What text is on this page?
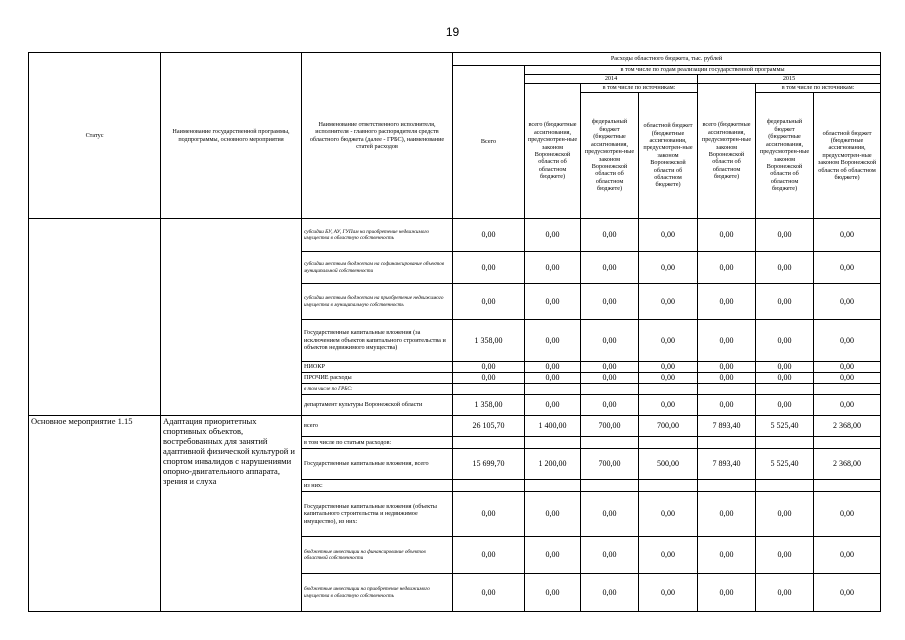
19
Статус	Наименование государственной программы, подпрограммы, основного мероприятия	Наименование ответственного исполнителя, исполнителя - главного распорядителя средств областного бюджета (далее - ГРБС), наименование статей расходов	Расходы областного бюджета, тыс. рублей						
			Всего	в том числе по годам реализации государственной программы					
				2014			2015		
				всего (бюджетные ассигнования, предусмотрен-ные законом Воронежской области об областном бюджете)	в том числе по источникам:		всего (бюджетные ассигнования, предусмотрен-ные законом Воронежской области об областном бюджете)	в том числе по источникам:	
					федеральный бюджет (бюджетные ассигнования, предусмотрен-ные законом Воронежской области об областном бюджете)	областной бюджет (бюджетные ассигнования, предусмотрен-ные законом Воронежской области об областном бюджете)		федеральный бюджет (бюджетные ассигнования, предусмотрен-ные законом Воронежской области об областном бюджете)	областной бюджет (бюджетные ассигнования, предусмотрен-ные законом Воронежской области об областном бюджете)
		субсидии БУ, АУ, ГУПам на приобретение недвижимого имущества в областную собственность	0,00	0,00	0,00	0,00	0,00	0,00	0,00
		субсидии местным бюджетам на софинансирование объектов муниципальной собственности	0,00	0,00	0,00	0,00	0,00	0,00	0,00
		субсидии местным бюджетам на приобретение недвижимого имущества в муниципальную собственность	0,00	0,00	0,00	0,00	0,00	0,00	0,00
		Государственные капитальные вложения (за исключением объектов капитального строительства и объектов недвижимого имущества)	1 358,00	0,00	0,00	0,00	0,00	0,00	0,00
		НИОКР	0,00	0,00	0,00	0,00	0,00	0,00	0,00
		ПРОЧИЕ расходы	0,00	0,00	0,00	0,00	0,00	0,00	0,00
		в том числе по ГРБС:							
		департамент культуры Воронежской области	1 358,00	0,00	0,00	0,00	0,00	0,00	0,00
Основное мероприятие 1.15	Адаптация приоритетных спортивных объектов, востребованных для занятий адаптивной физической культурой и спортом инвалидов с нарушениями опорно-двигательного аппарата, зрения и слуха	всего	26 105,70	1 400,00	700,00	700,00	7 893,40	5 525,40	2 368,00
		в том числе по статьям расходов:							
		Государственные капитальные вложения, всего	15 699,70	1 200,00	700,00	500,00	7 893,40	5 525,40	2 368,00
		из них:							
		Государственные капитальные вложения (объекты капитального строительства и недвижимое имущество), из них:	0,00	0,00	0,00	0,00	0,00	0,00	0,00
		бюджетные инвестиции на финансирование объектов областной собственности	0,00	0,00	0,00	0,00	0,00	0,00	0,00
		бюджетные инвестиции на приобретение недвижимого имущества в областную собственность	0,00	0,00	0,00	0,00	0,00	0,00	0,00
